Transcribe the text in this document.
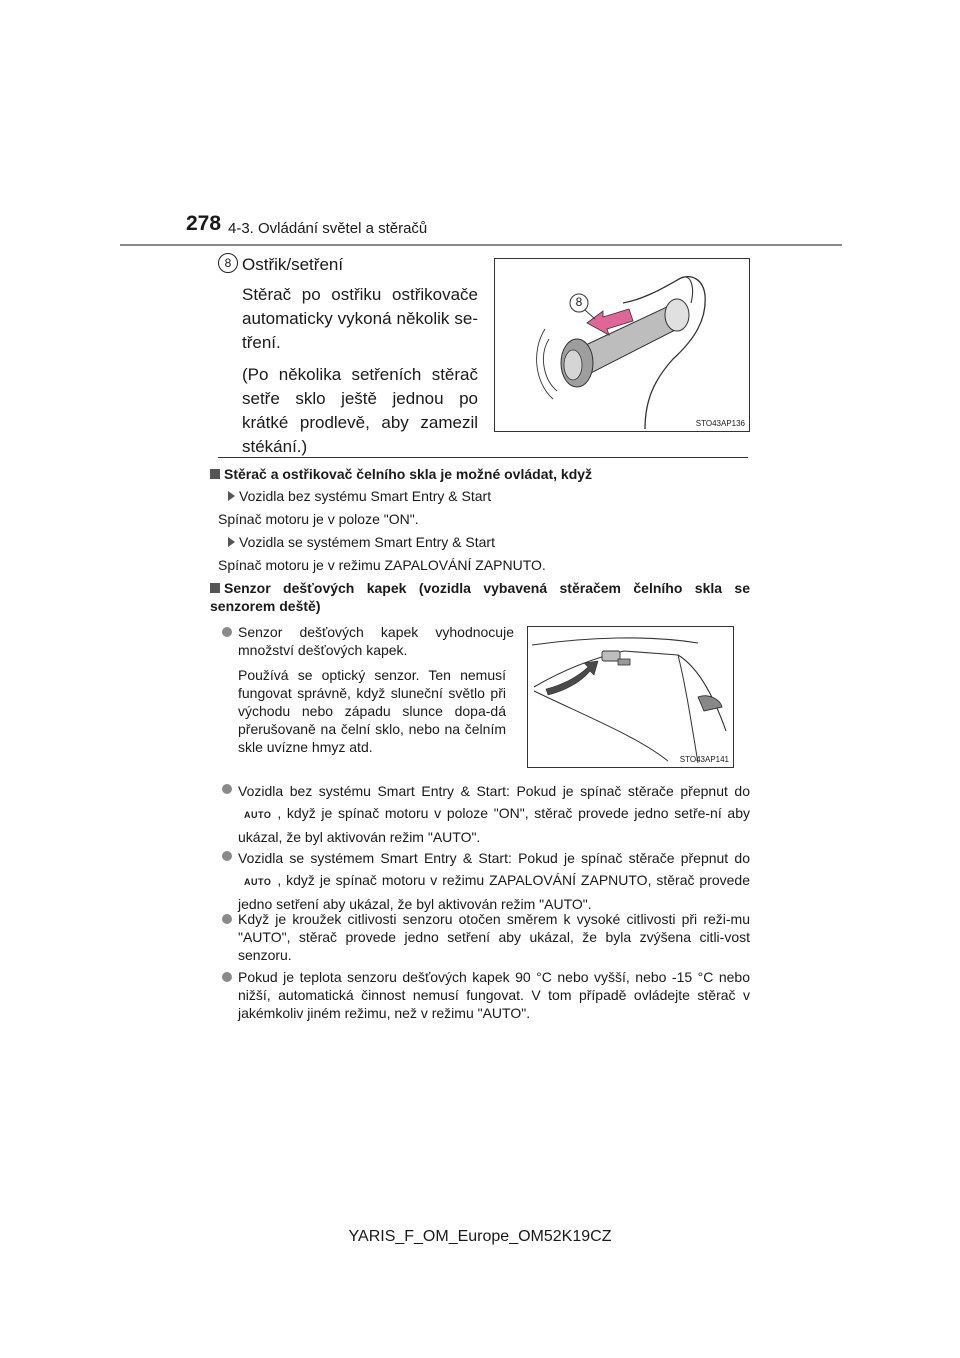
278 4-3. Ovládání světel a stěračů
8 Ostřik/setření

Stěrač po ostřiku ostřikovače automaticky vykoná několik se-tření.

(Po několika setřeních stěrač setře sklo ještě jednou po krátké prodlevě, aby zamezil stékání.)

8
STO43AP136
Stěrač a ostřikovač čelního skla je možné ovládat, když
Vozidla bez systému Smart Entry & Start
Spínač motoru je v poloze "ON".
Vozidla se systémem Smart Entry & Start
Spínač motoru je v režimu ZAPALOVÁNÍ ZAPNUTO.
Senzor dešťových kapek (vozidla vybavená stěračem čelního skla se senzorem deště)
Senzor dešťových kapek vyhodnocuje množství dešťových kapek.
Používá se optický senzor. Ten nemusí fungovat správně, když sluneční světlo při východu nebo západu slunce dopa-dá přerušovaně na čelní sklo, nebo na čelním skle uvízne hmyz atd.
STO43AP141
Vozidla bez systému Smart Entry & Start: Pokud je spínač stěrače přepnut do AUTO , když je spínač motoru v poloze "ON", stěrač provede jedno setře-ní aby ukázal, že byl aktivován režim "AUTO".
Vozidla se systémem Smart Entry & Start: Pokud je spínač stěrače přepnut do AUTO , když je spínač motoru v režimu ZAPALOVÁNÍ ZAPNUTO, stěrač provede jedno setření aby ukázal, že byl aktivován režim "AUTO".
Když je kroužek citlivosti senzoru otočen směrem k vysoké citlivosti při reži-mu "AUTO", stěrač provede jedno setření aby ukázal, že byla zvýšena citli-vost senzoru.
Pokud je teplota senzoru dešťových kapek 90 °C nebo vyšší, nebo -15 °C nebo nižší, automatická činnost nemusí fungovat. V tom případě ovládejte stěrač v jakémkoliv jiném režimu, než v režimu "AUTO".
YARIS_F_OM_Europe_OM52K19CZ
